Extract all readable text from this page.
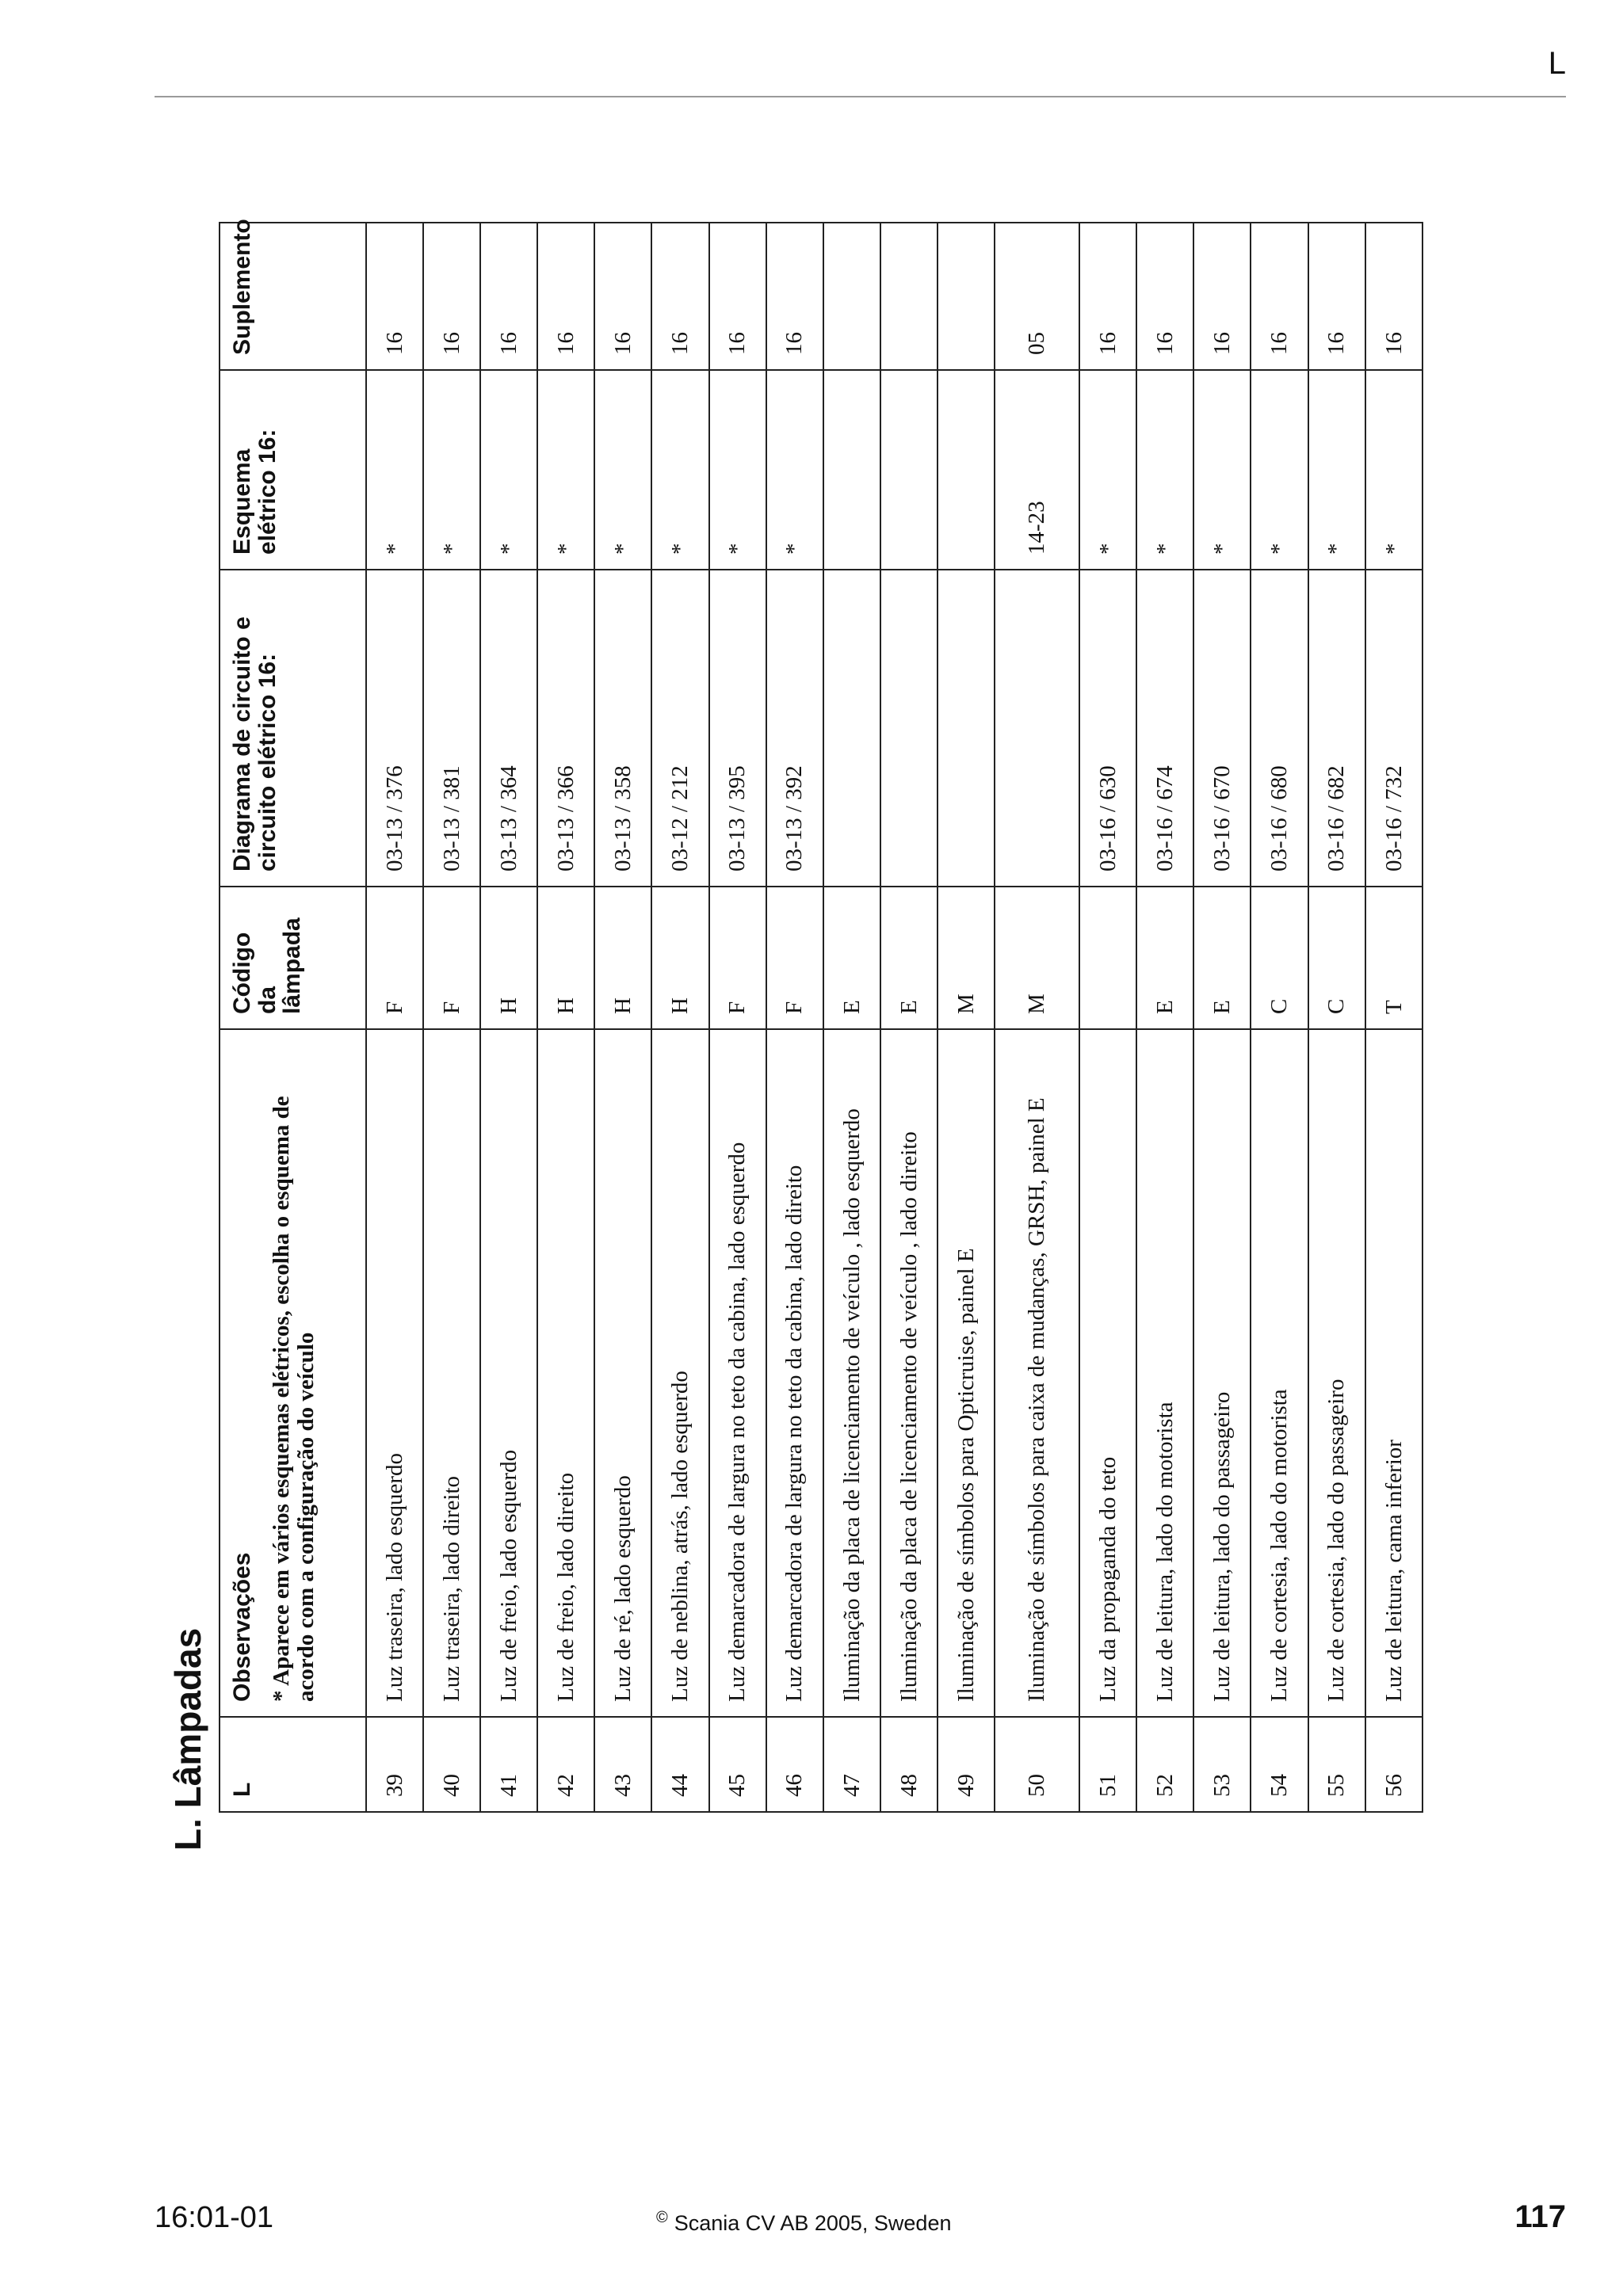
L
L. Lâmpadas L	Observações * Aparece em vários esquemas elétricos, escolha o esquema de acordo com a configuração do veículo	Código da lâmpada	Diagrama de circuito e circuito elétrico 16:	Esquema elétrico 16:	Suplemento
39	Luz traseira, lado esquerdo	F	03-13 / 376	*	16
40	Luz traseira, lado direito	F	03-13 / 381	*	16
41	Luz de freio, lado esquerdo	H	03-13 / 364	*	16
42	Luz de freio, lado direito	H	03-13 / 366	*	16
43	Luz de ré, lado esquerdo	H	03-13 / 358	*	16
44	Luz de neblina, atrás, lado esquerdo	H	03-12 / 212	*	16
45	Luz demarcadora de largura no teto da cabina, lado esquerdo	F	03-13 / 395	*	16
46	Luz demarcadora de largura no teto da cabina, lado direito	F	03-13 / 392	*	16
47	Iluminação da placa de licenciamento de veículo , lado esquerdo	E			
48	Iluminação da placa de licenciamento de veículo , lado direito	E			
49	Iluminação de símbolos para Opticruise, painel E	M			
50	Iluminação de símbolos para caixa de mudanças, GRSH, painel E	M		14-23	05
51	Luz da propaganda do teto		03-16 / 630	*	16
52	Luz de leitura, lado do motorista	E	03-16 / 674	*	16
53	Luz de leitura, lado do passageiro	E	03-16 / 670	*	16
54	Luz de cortesia, lado do motorista	C	03-16 / 680	*	16
55	Luz de cortesia, lado do passageiro	C	03-16 / 682	*	16
56	Luz de leitura, cama inferior	T	03-16 / 732	*	16
16:01-01	© Scania CV AB 2005, Sweden	117
